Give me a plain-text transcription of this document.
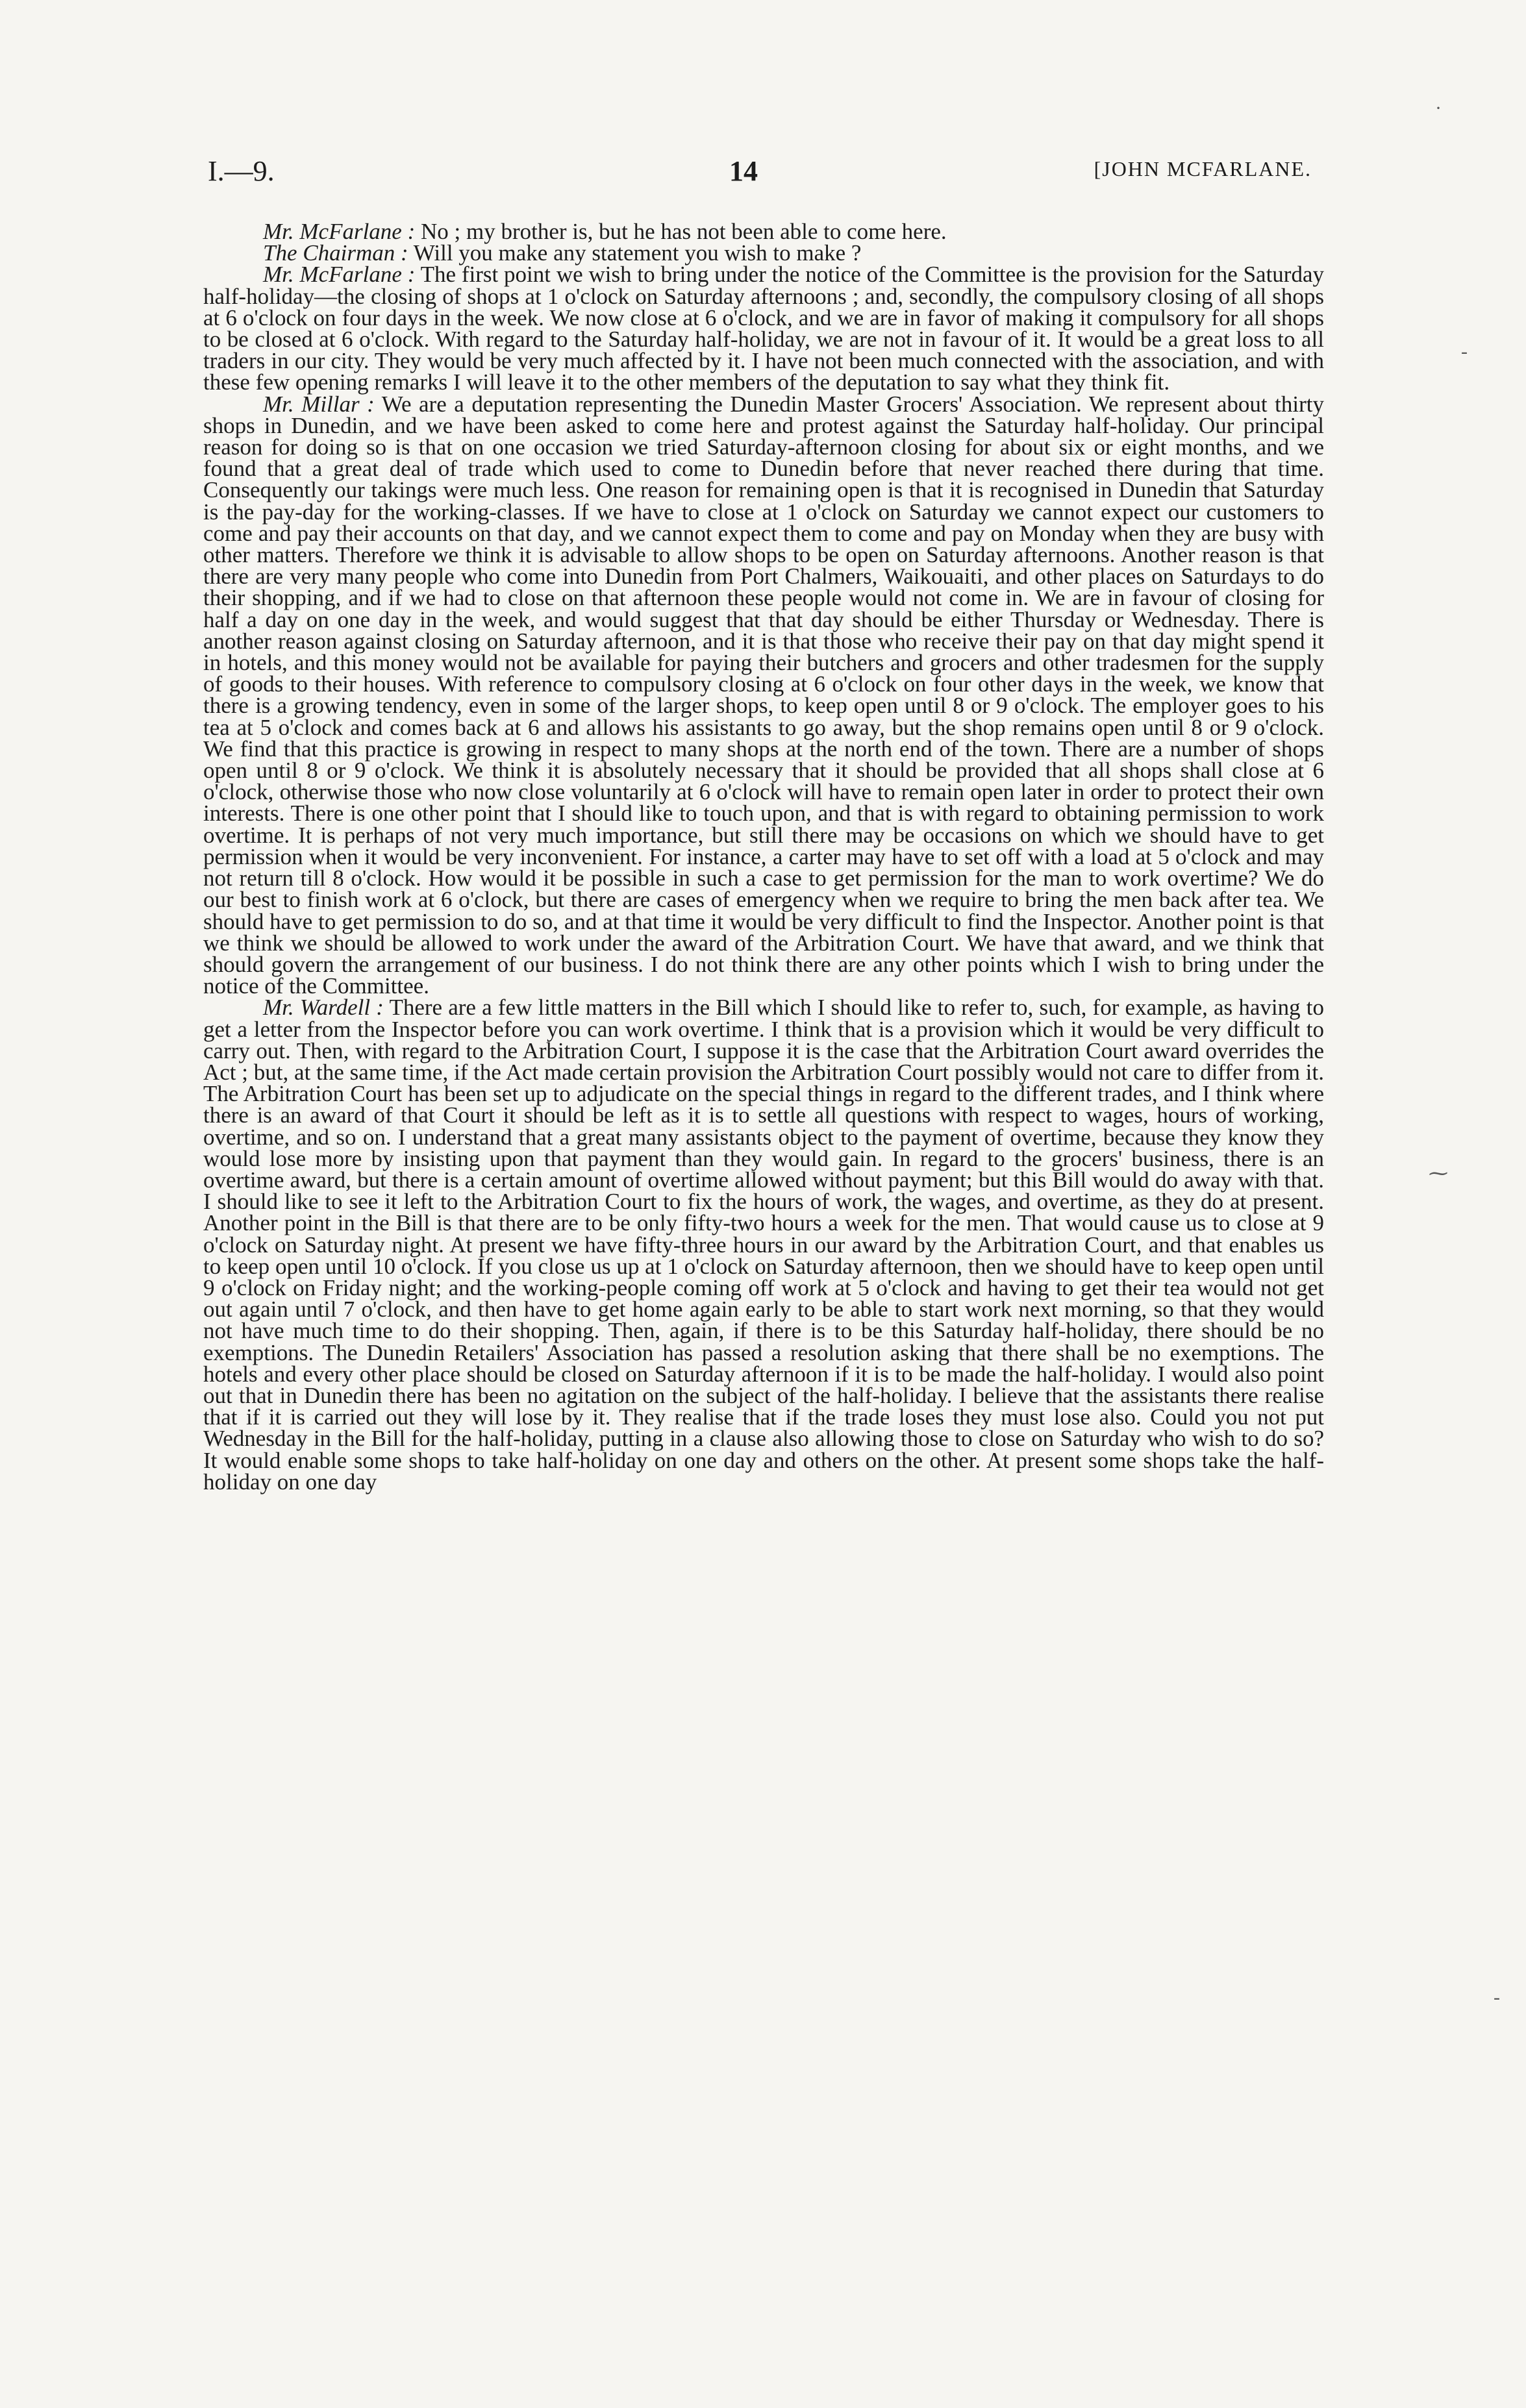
I.—9.	14	[JOHN MCFARLANE.

Mr. McFarlane : No ; my brother is, but he has not been able to come here.

The Chairman : Will you make any statement you wish to make ?

Mr. McFarlane : The first point we wish to bring under the notice of the Committee is the provision for the Saturday half-holiday—the closing of shops at 1 o'clock on Saturday afternoons ; and, secondly, the compulsory closing of all shops at 6 o'clock on four days in the week. We now close at 6 o'clock, and we are in favor of making it compulsory for all shops to be closed at 6 o'clock. With regard to the Saturday half-holiday, we are not in favour of it. It would be a great loss to all traders in our city. They would be very much affected by it. I have not been much connected with the association, and with these few opening remarks I will leave it to the other members of the deputation to say what they think fit.

Mr. Millar : We are a deputation representing the Dunedin Master Grocers' Association. We represent about thirty shops in Dunedin, and we have been asked to come here and protest against the Saturday half-holiday. Our principal reason for doing so is that on one occasion we tried Saturday-afternoon closing for about six or eight months, and we found that a great deal of trade which used to come to Dunedin before that never reached there during that time. Consequently our takings were much less. One reason for remaining open is that it is recognised in Dunedin that Saturday is the pay-day for the working-classes. If we have to close at 1 o'clock on Saturday we cannot expect our customers to come and pay their accounts on that day, and we cannot expect them to come and pay on Monday when they are busy with other matters. Therefore we think it is advisable to allow shops to be open on Saturday afternoons. Another reason is that there are very many people who come into Dunedin from Port Chalmers, Waikouaiti, and other places on Saturdays to do their shopping, and if we had to close on that afternoon these people would not come in. We are in favour of closing for half a day on one day in the week, and would suggest that that day should be either Thursday or Wednesday. There is another reason against closing on Saturday afternoon, and it is that those who receive their pay on that day might spend it in hotels, and this money would not be available for paying their butchers and grocers and other tradesmen for the supply of goods to their houses. With reference to compulsory closing at 6 o'clock on four other days in the week, we know that there is a growing tendency, even in some of the larger shops, to keep open until 8 or 9 o'clock. The employer goes to his tea at 5 o'clock and comes back at 6 and allows his assistants to go away, but the shop remains open until 8 or 9 o'clock. We find that this practice is growing in respect to many shops at the north end of the town. There are a number of shops open until 8 or 9 o'clock. We think it is absolutely necessary that it should be provided that all shops shall close at 6 o'clock, otherwise those who now close voluntarily at 6 o'clock will have to remain open later in order to protect their own interests. There is one other point that I should like to touch upon, and that is with regard to obtaining permission to work overtime. It is perhaps of not very much importance, but still there may be occasions on which we should have to get permission when it would be very inconvenient. For instance, a carter may have to set off with a load at 5 o'clock and may not return till 8 o'clock. How would it be possible in such a case to get permission for the man to work overtime? We do our best to finish work at 6 o'clock, but there are cases of emergency when we require to bring the men back after tea. We should have to get permission to do so, and at that time it would be very difficult to find the Inspector. Another point is that we think we should be allowed to work under the award of the Arbitration Court. We have that award, and we think that should govern the arrangement of our business. I do not think there are any other points which I wish to bring under the notice of the Committee.

Mr. Wardell : There are a few little matters in the Bill which I should like to refer to, such, for example, as having to get a letter from the Inspector before you can work overtime. I think that is a provision which it would be very difficult to carry out. Then, with regard to the Arbitration Court, I suppose it is the case that the Arbitration Court award overrides the Act ; but, at the same time, if the Act made certain provision the Arbitration Court possibly would not care to differ from it. The Arbitration Court has been set up to adjudicate on the special things in regard to the different trades, and I think where there is an award of that Court it should be left as it is to settle all questions with respect to wages, hours of working, overtime, and so on. I understand that a great many assistants object to the payment of overtime, because they know they would lose more by insisting upon that payment than they would gain. In regard to the grocers' business, there is an overtime award, but there is a certain amount of overtime allowed without payment; but this Bill would do away with that. I should like to see it left to the Arbitration Court to fix the hours of work, the wages, and overtime, as they do at present. Another point in the Bill is that there are to be only fifty-two hours a week for the men. That would cause us to close at 9 o'clock on Saturday night. At present we have fifty-three hours in our award by the Arbitration Court, and that enables us to keep open until 10 o'clock. If you close us up at 1 o'clock on Saturday afternoon, then we should have to keep open until 9 o'clock on Friday night; and the working-people coming off work at 5 o'clock and having to get their tea would not get out again until 7 o'clock, and then have to get home again early to be able to start work next morning, so that they would not have much time to do their shopping. Then, again, if there is to be this Saturday half-holiday, there should be no exemptions. The Dunedin Retailers' Association has passed a resolution asking that there shall be no exemptions. The hotels and every other place should be closed on Saturday afternoon if it is to be made the half-holiday. I would also point out that in Dunedin there has been no agitation on the subject of the half-holiday. I believe that the assistants there realise that if it is carried out they will lose by it. They realise that if the trade loses they must lose also. Could you not put Wednesday in the Bill for the half-holiday, putting in a clause also allowing those to close on Saturday who wish to do so? It would enable some shops to take half-holiday on one day and others on the other. At present some shops take the half-holiday on one day

·
‑
⁓
‑
